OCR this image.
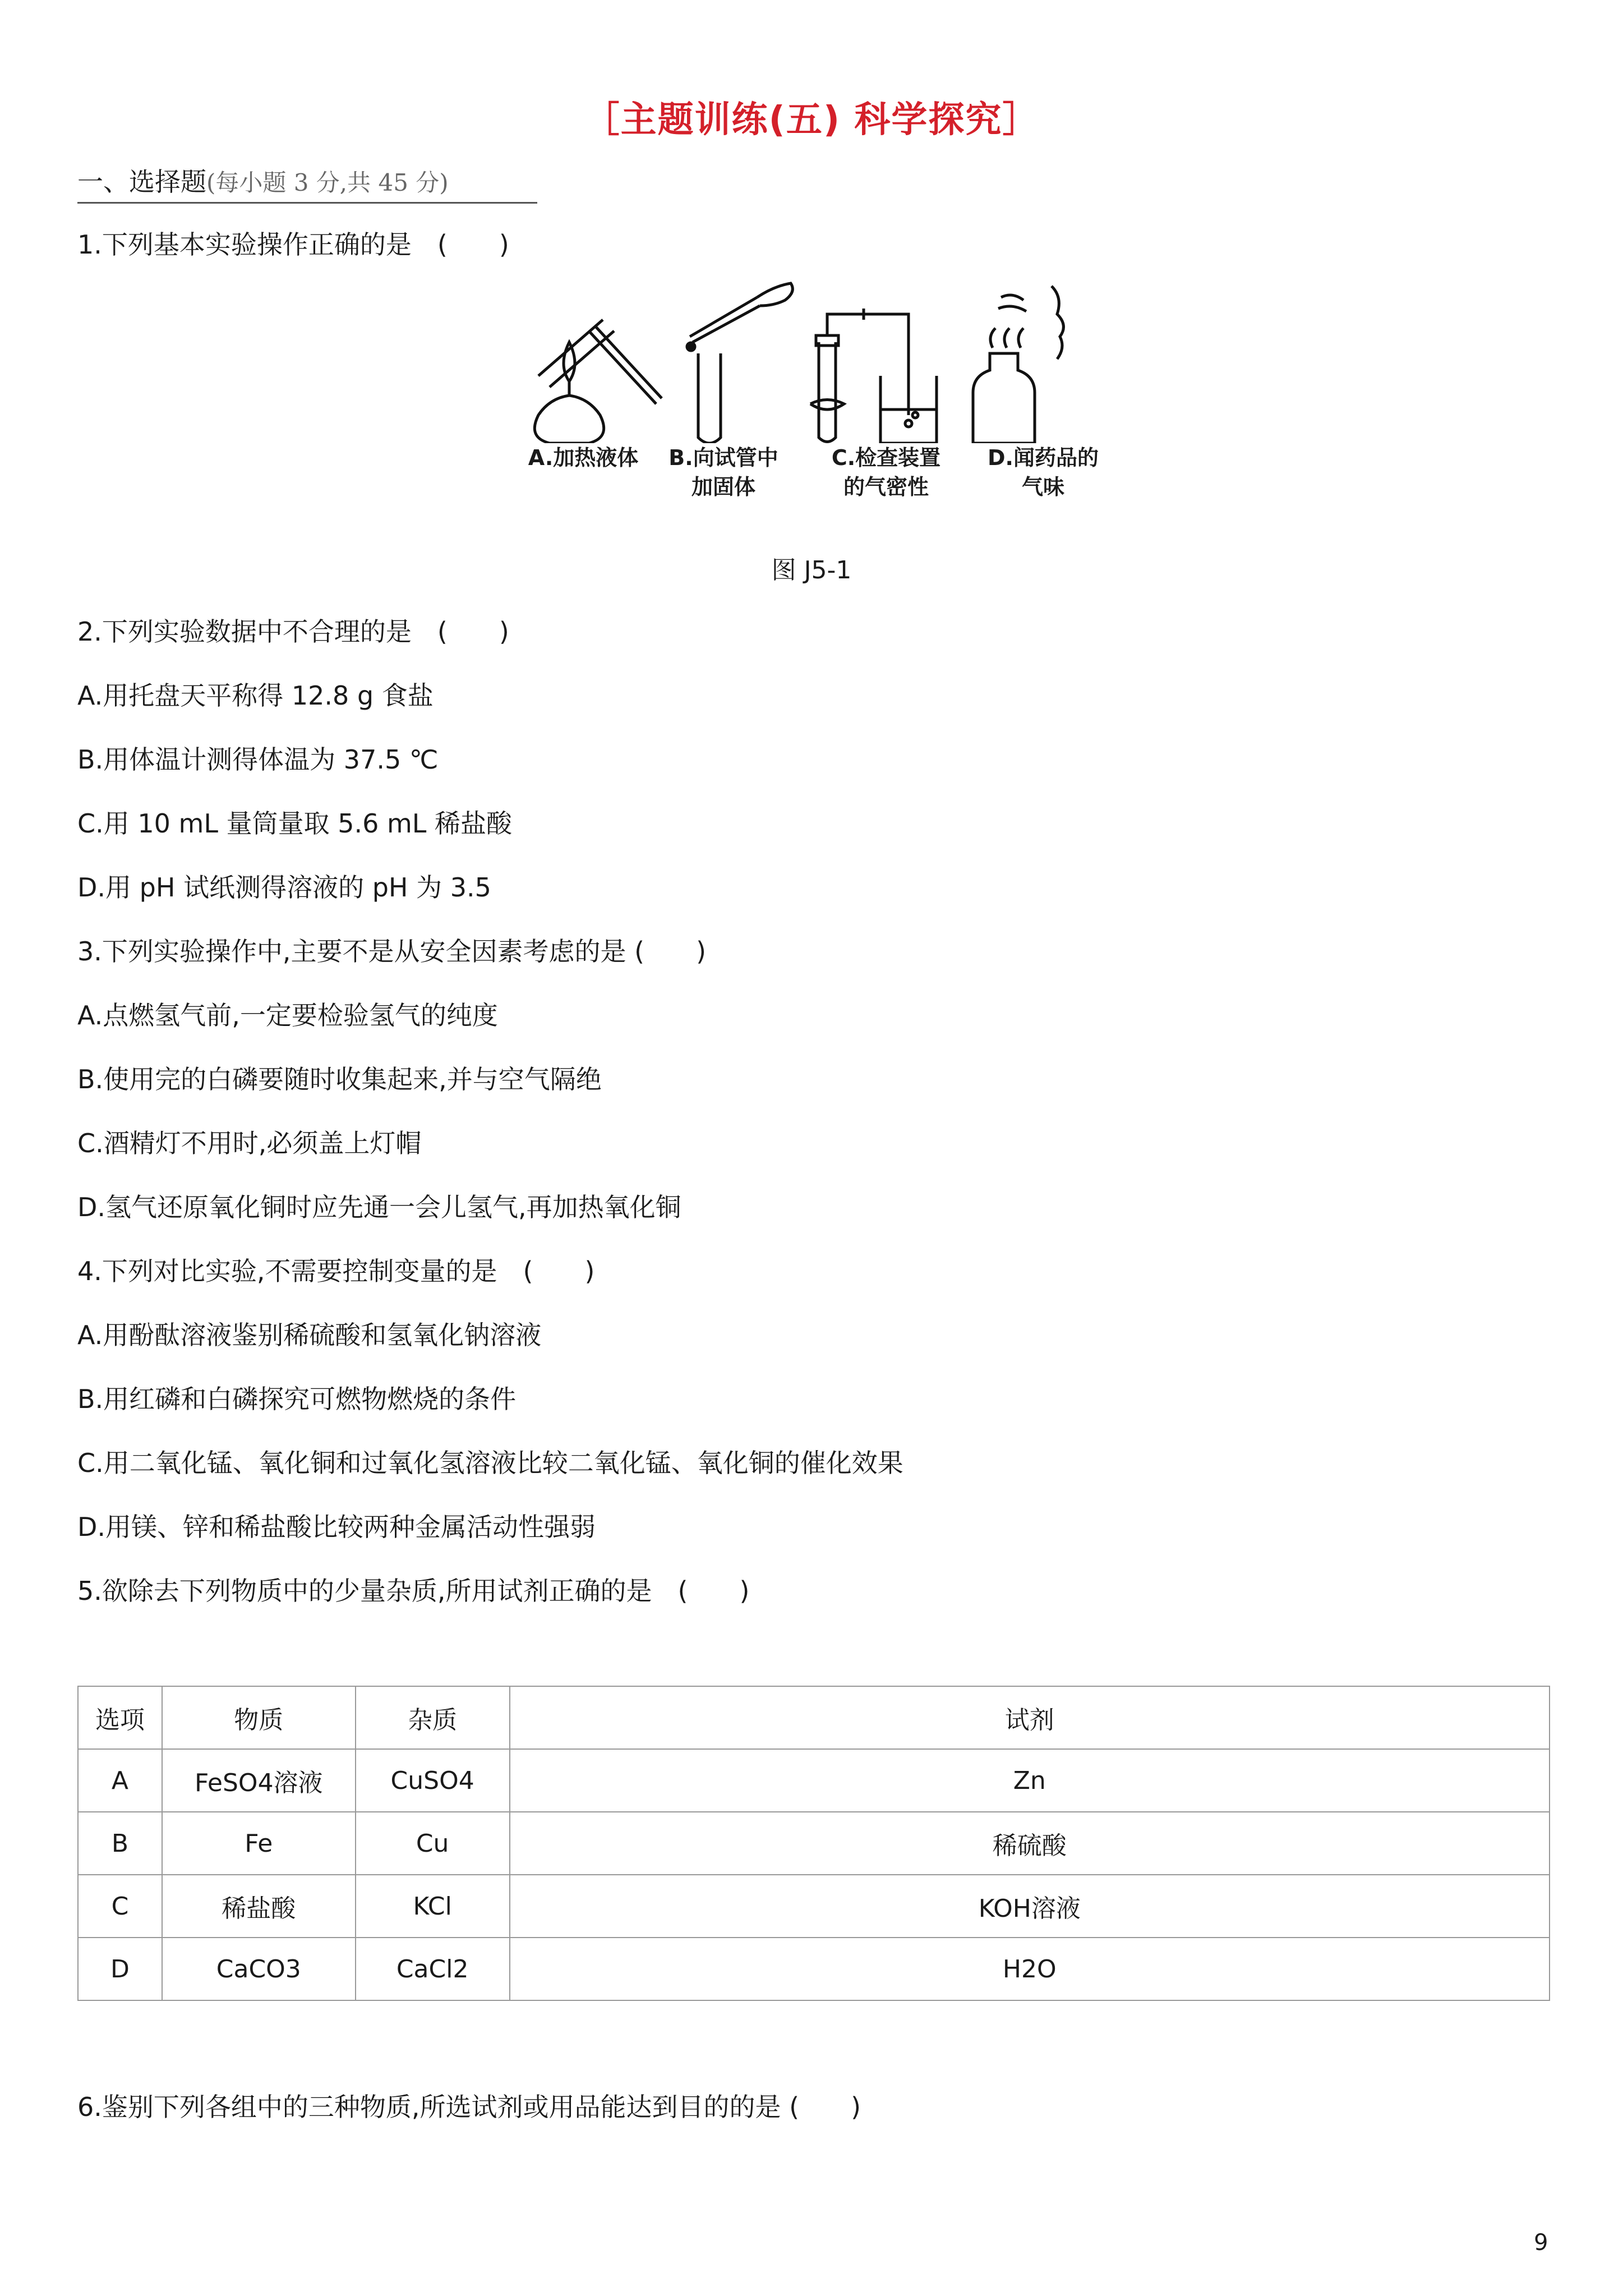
［主题训练(五) 科学探究］
一、选择题(每小题 3 分,共 45 分)
1.下列基本实验操作正确的是　(　　)
A.加热液体	B.向试管中
加固体
C.检查装置
的气密性
D.闻药品的
气味
图 J5-1
2.下列实验数据中不合理的是　(　　)
A.用托盘天平称得 12.8 g 食盐
B.用体温计测得体温为 37.5 ℃
C.用 10 mL 量筒量取 5.6 mL 稀盐酸
D.用 pH 试纸测得溶液的 pH 为 3.5
3.下列实验操作中,主要不是从安全因素考虑的是 (　　)
A.点燃氢气前,一定要检验氢气的纯度
B.使用完的白磷要随时收集起来,并与空气隔绝
C.酒精灯不用时,必须盖上灯帽
D.氢气还原氧化铜时应先通一会儿氢气,再加热氧化铜
4.下列对比实验,不需要控制变量的是　(　　)
A.用酚酞溶液鉴别稀硫酸和氢氧化钠溶液
B.用红磷和白磷探究可燃物燃烧的条件
C.用二氧化锰、氧化铜和过氧化氢溶液比较二氧化锰、氧化铜的催化效果
D.用镁、锌和稀盐酸比较两种金属活动性强弱
5.欲除去下列物质中的少量杂质,所用试剂正确的是　(　　)
选项	物质	杂质	试剂
A	FeSO4溶液	CuSO4	Zn
B	Fe	Cu	稀硫酸
C	稀盐酸	KCl	KOH溶液
D	CaCO3	CaCl2	H2O
6.鉴别下列各组中的三种物质,所选试剂或用品能达到目的的是 (　　)
9
